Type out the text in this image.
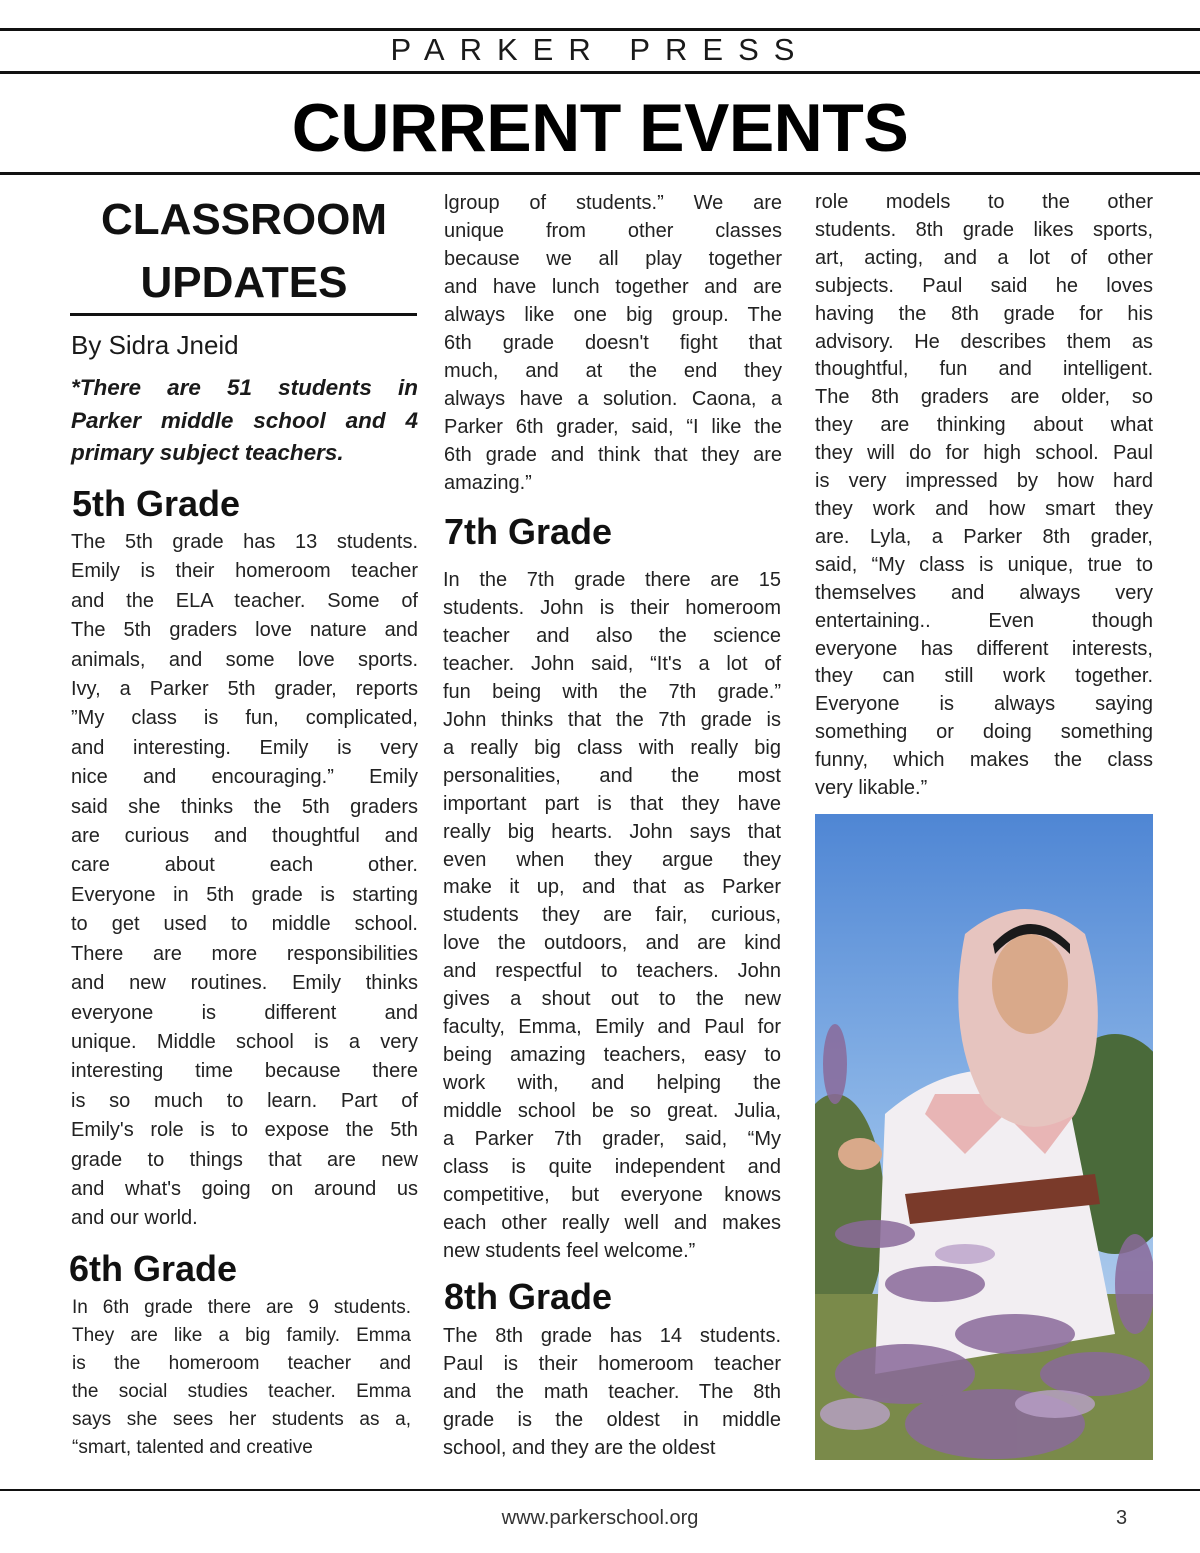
PARKER PRESS
CURRENT EVENTS
CLASSROOM
UPDATES
By Sidra Jneid
*There are 51 students in
Parker middle school and 4
primary subject teachers.
5th Grade
The 5th grade has 13 students.
Emily is their homeroom teacher
and the ELA teacher. Some of
The 5th graders love nature and
animals, and some love sports.
Ivy, a Parker 5th grader, reports
”My class is fun, complicated,
and interesting. Emily is very
nice and encouraging.” Emily
said she thinks the 5th graders
are curious and thoughtful and
care about each other.
Everyone in 5th grade is starting
to get used to middle school.
There are more responsibilities
and new routines. Emily thinks
everyone is different and
unique. Middle school is a very
interesting time because there
is so much to learn. Part of
Emily's role is to expose the 5th
grade to things that are new
and what's going on around us
and our world.
6th Grade
In 6th grade there are 9 students.
They are like a big family. Emma
is the homeroom teacher and
the social studies teacher. Emma
says she sees her students as a,
“smart, talented and creative
lgroup of students.” We are
unique from other classes
because we all play together
and have lunch together and are
always like one big group. The
6th grade doesn't fight that
much, and at the end they
always have a solution. Caona, a
Parker 6th grader, said, “I like the
6th grade and think that they are
amazing.”
7th Grade
In the 7th grade there are 15
students. John is their homeroom
teacher and also the science
teacher. John said, “It's a lot of
fun being with the 7th grade.”
John thinks that the 7th grade is
a really big class with really big
personalities, and the most
important part is that they have
really big hearts. John says that
even when they argue they
make it up, and that as Parker
students they are fair, curious,
love the outdoors, and are kind
and respectful to teachers. John
gives a shout out to the new
faculty, Emma, Emily and Paul for
being amazing teachers, easy to
work with, and helping the
middle school be so great. Julia,
a Parker 7th grader, said, “My
class is quite independent and
competitive, but everyone knows
each other really well and makes
new students feel welcome.”
8th Grade
The 8th grade has 14 students.
Paul is their homeroom teacher
and the math teacher. The 8th
grade is the oldest in middle
school, and they are the oldest
role models to the other
students. 8th grade likes sports,
art, acting, and a lot of other
subjects. Paul said he loves
having the 8th grade for his
advisory. He describes them as
thoughtful, fun and intelligent.
The 8th graders are older, so
they are thinking about what
they will do for high school. Paul
is very impressed by how hard
they work and how smart they
are. Lyla, a Parker 8th grader,
said, “My class is unique, true to
themselves and always very
entertaining.. Even though
everyone has different interests,
they can still work together.
Everyone is always saying
something or doing something
funny, which makes the class
very likable.”
www.parkerschool.org	3
